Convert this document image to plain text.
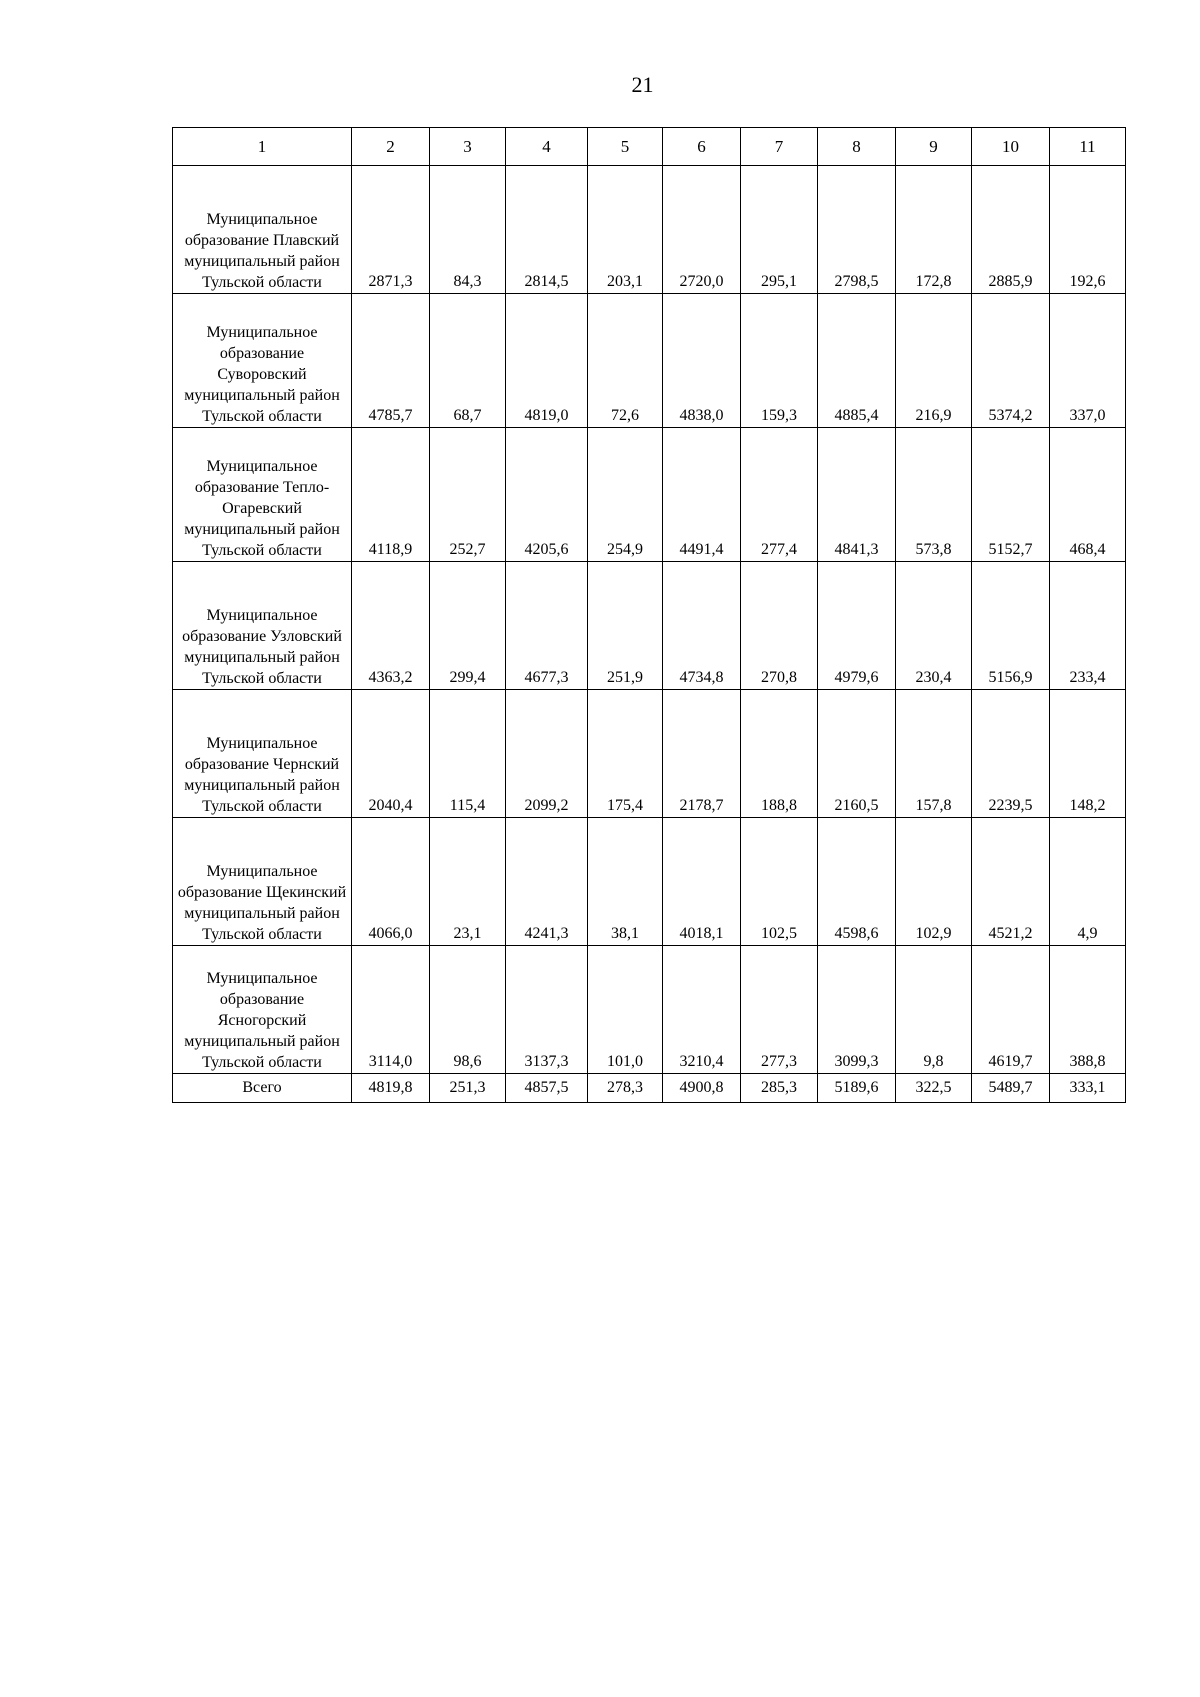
21
1	2	3	4	5	6	7	8	9	10	11
Муниципальное образование Плавский муниципальный район Тульской области	2871,3	84,3	2814,5	203,1	2720,0	295,1	2798,5	172,8	2885,9	192,6
Муниципальное образование Суворовский муниципальный район Тульской области	4785,7	68,7	4819,0	72,6	4838,0	159,3	4885,4	216,9	5374,2	337,0
Муниципальное образование Тепло-Огаревский муниципальный район Тульской области	4118,9	252,7	4205,6	254,9	4491,4	277,4	4841,3	573,8	5152,7	468,4
Муниципальное образование Узловский муниципальный район Тульской области	4363,2	299,4	4677,3	251,9	4734,8	270,8	4979,6	230,4	5156,9	233,4
Муниципальное образование Чернский муниципальный район Тульской области	2040,4	115,4	2099,2	175,4	2178,7	188,8	2160,5	157,8	2239,5	148,2
Муниципальное образование Щекинский муниципальный район Тульской области	4066,0	23,1	4241,3	38,1	4018,1	102,5	4598,6	102,9	4521,2	4,9
Муниципальное образование Ясногорский муниципальный район Тульской области	3114,0	98,6	3137,3	101,0	3210,4	277,3	3099,3	9,8	4619,7	388,8
Всего	4819,8	251,3	4857,5	278,3	4900,8	285,3	5189,6	322,5	5489,7	333,1
